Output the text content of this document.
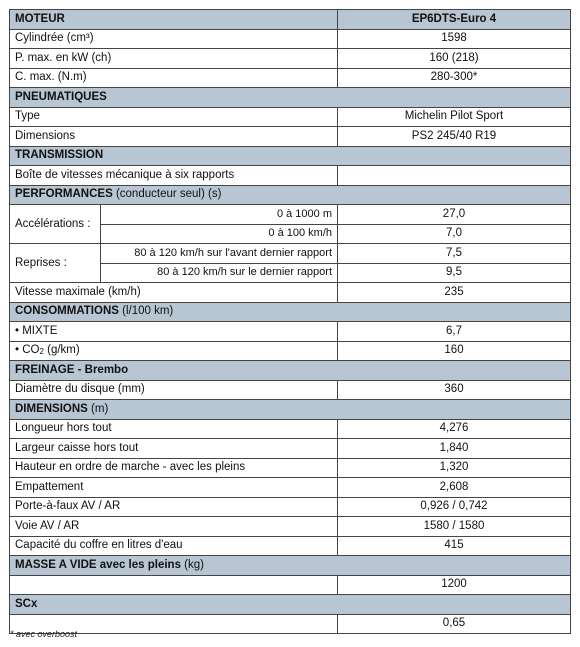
MOTEUR		EP6DTS-Euro 4
Cylindrée (cm³)		1598
P. max. en kW (ch)		160 (218)
C. max. (N.m)		280-300*
PNEUMATIQUES		
Type		Michelin Pilot Sport
Dimensions		PS2 245/40 R19
TRANSMISSION		
Boîte de vitesses mécanique à six rapports		
PERFORMANCES (conducteur seul) (s)		
Accélérations :	0 à 1000 m	27,0
	0 à 100 km/h	7,0
Reprises :	80 à 120 km/h sur l'avant dernier rapport	7,5
	80 à 120 km/h sur le dernier rapport	9,5
Vitesse maximale (km/h)		235
CONSOMMATIONS (l/100 km)		
• MIXTE		6,7
• $CO_2$ (g/km)		160
FREINAGE - Brembo		
Diamètre du disque (mm)		360
DIMENSIONS (m)		
Longueur hors tout		4,276
Largeur caisse hors tout		1,840
Hauteur en ordre de marche - avec les pleins		1,320
Empattement		2,608
Porte-à-faux AV / AR		0,926 / 0,742
Voie AV / AR		1580 / 1580
Capacité du coffre en litres d'eau		415
MASSE A VIDE avec les pleins (kg)		
		1200
SCx		
		0,65
* avec overboost
